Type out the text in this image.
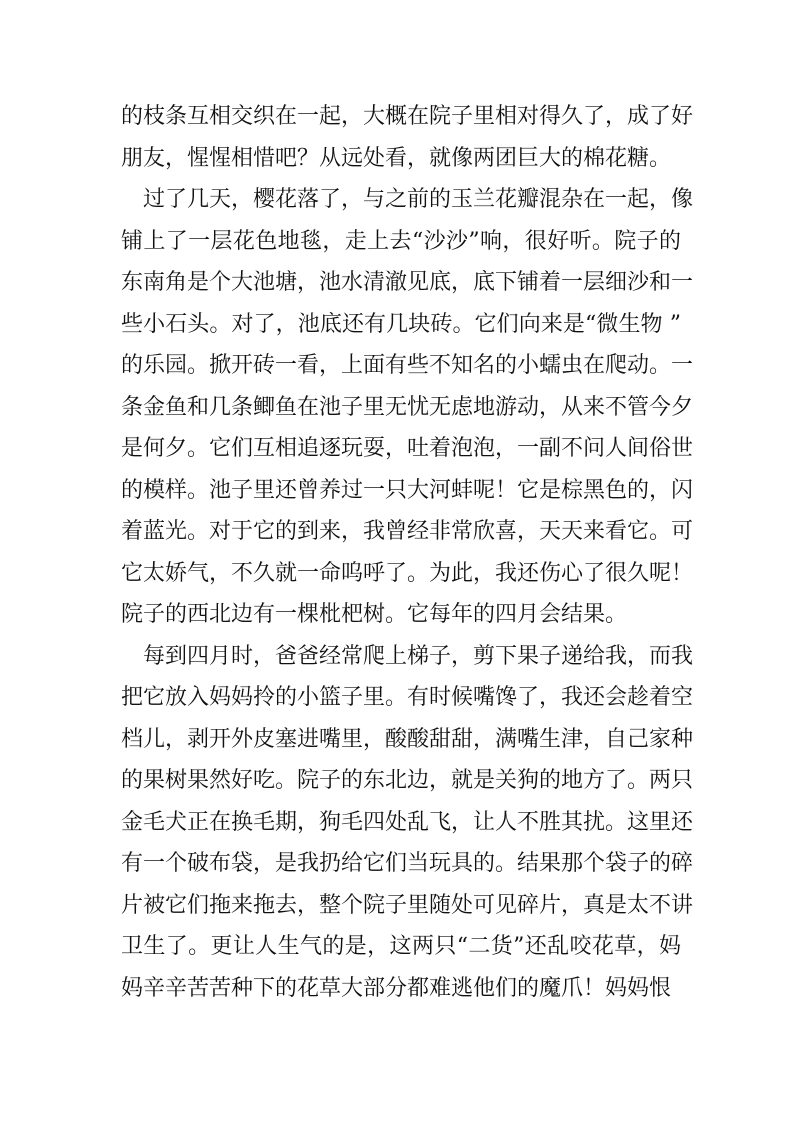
的枝条互相交织在一起，大概在院子里相对得久了，成了好
朋友，惺惺相惜吧？从远处看，就像两团巨大的棉花糖。
过了几天，樱花落了，与之前的玉兰花瓣混杂在一起，像
铺上了一层花色地毯，走上去“沙沙”响，很好听。院子的
东南角是个大池塘，池水清澈见底，底下铺着一层细沙和一
些小石头。对了，池底还有几块砖。它们向来是“微生物 ”
的乐园。掀开砖一看，上面有些不知名的小蠕虫在爬动。一
条金鱼和几条鲫鱼在池子里无忧无虑地游动，从来不管今夕
是何夕。它们互相追逐玩耍，吐着泡泡，一副不问人间俗世
的模样。池子里还曾养过一只大河蚌呢！它是棕黑色的，闪
着蓝光。对于它的到来，我曾经非常欣喜，天天来看它。可
它太娇气，不久就一命呜呼了。为此，我还伤心了很久呢！
院子的西北边有一棵枇杷树。它每年的四月会结果。
每到四月时，爸爸经常爬上梯子，剪下果子递给我，而我
把它放入妈妈拎的小篮子里。有时候嘴馋了，我还会趁着空
档儿，剥开外皮塞进嘴里，酸酸甜甜，满嘴生津，自己家种
的果树果然好吃。院子的东北边，就是关狗的地方了。两只
金毛犬正在换毛期，狗毛四处乱飞，让人不胜其扰。这里还
有一个破布袋，是我扔给它们当玩具的。结果那个袋子的碎
片被它们拖来拖去，整个院子里随处可见碎片，真是太不讲
卫生了。更让人生气的是，这两只“二货”还乱咬花草，妈
妈辛辛苦苦种下的花草大部分都难逃他们的魔爪！妈妈恨
